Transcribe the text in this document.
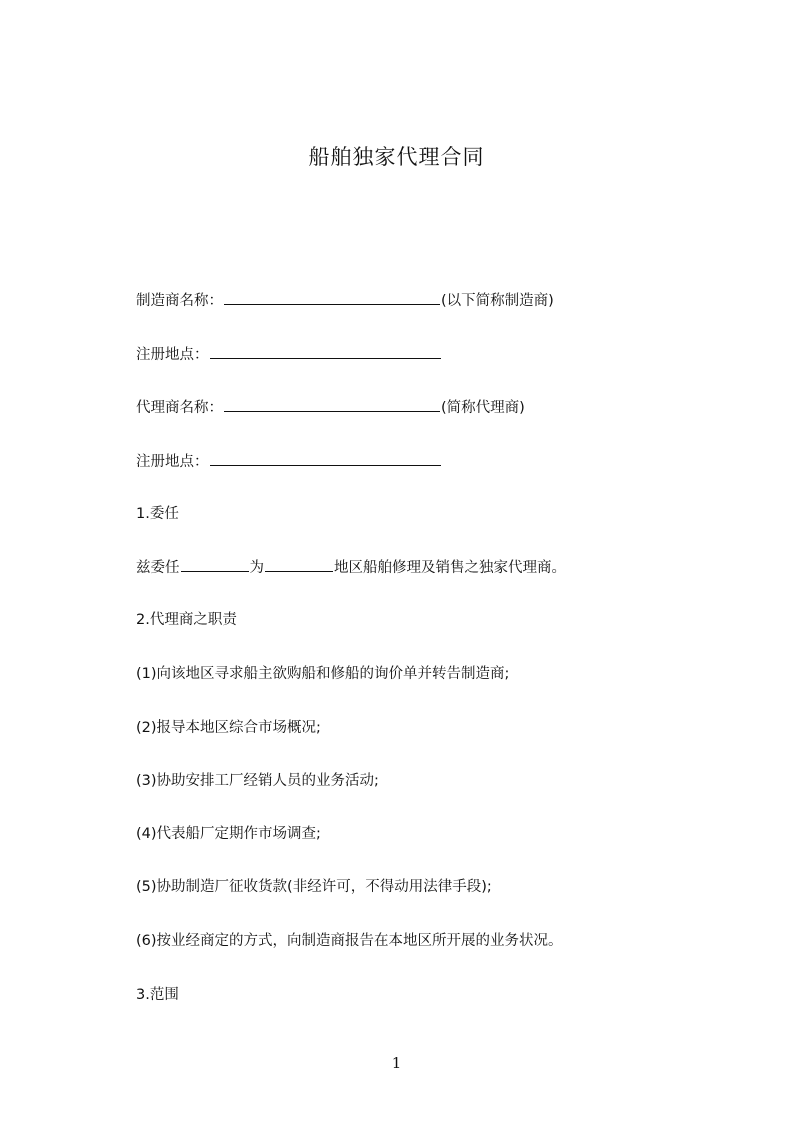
船舶独家代理合同

制造商名称：	(以下简称制造商)

注册地点：

代理商名称：	(简称代理商)

注册地点：

1.委任

兹委任	为	地区船舶修理及销售之独家代理商。

2.代理商之职责

(1)向该地区寻求船主欲购船和修船的询价单并转告制造商;

(2)报导本地区综合市场概况;

(3)协助安排工厂经销人员的业务活动;

(4)代表船厂定期作市场调查;

(5)协助制造厂征收货款(非经许可，不得动用法律手段);

(6)按业经商定的方式，向制造商报告在本地区所开展的业务状况。

3.范围

1
